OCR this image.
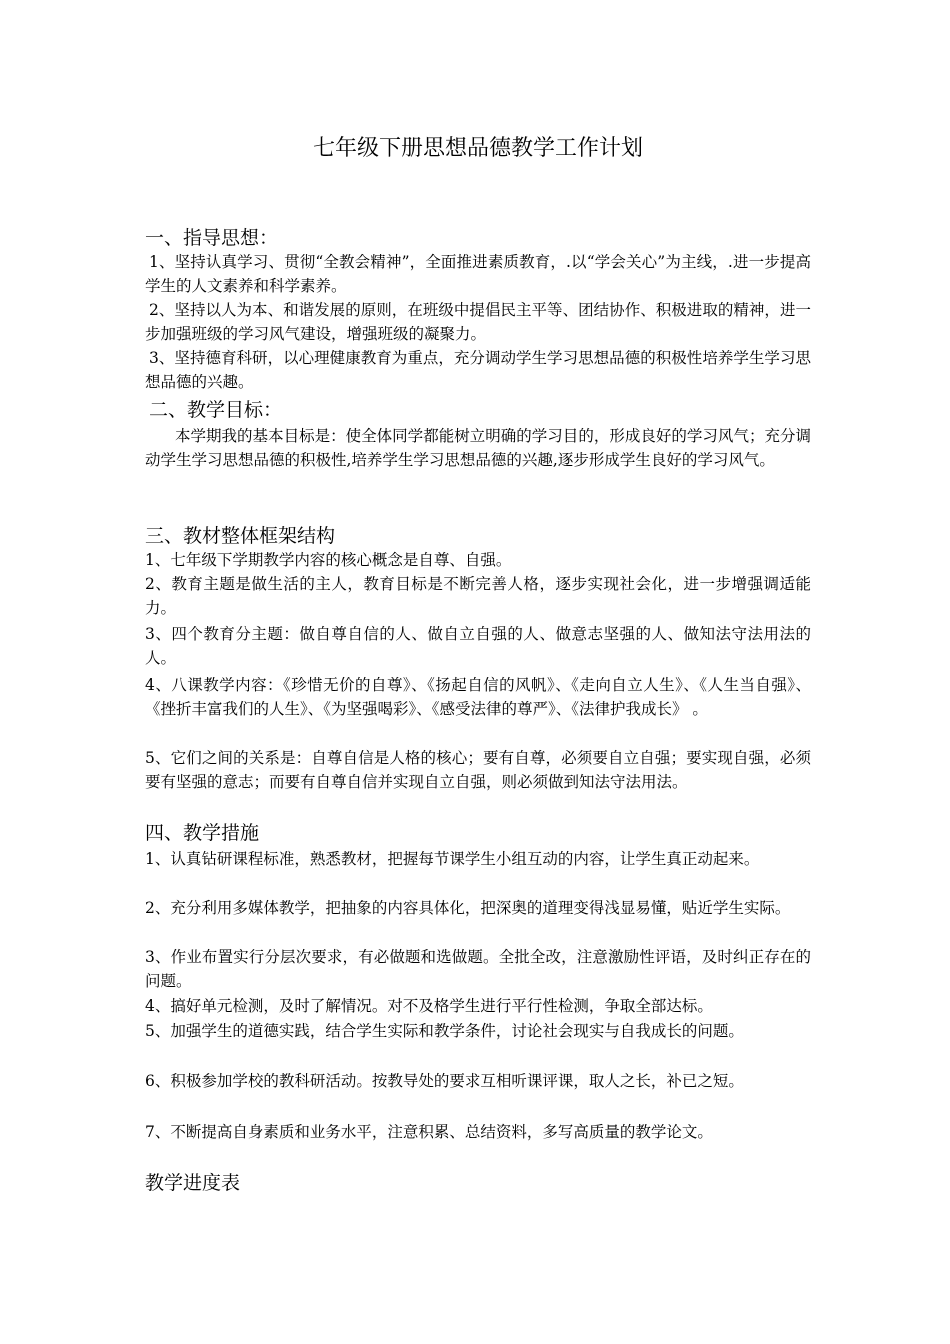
七年级下册思想品德教学工作计划
一、指导思想：
1、坚持认真学习、贯彻“全教会精神”，全面推进素质教育，.以“学会关心”为主线，.进一步提高学生的人文素养和科学素养。
2、坚持以人为本、和谐发展的原则，在班级中提倡民主平等、团结协作、积极进取的精神，进一步加强班级的学习风气建设，增强班级的凝聚力。
3、坚持德育科研，以心理健康教育为重点，充分调动学生学习思想品德的积极性培养学生学习思想品德的兴趣。
二、教学目标：
本学期我的基本目标是：使全体同学都能树立明确的学习目的，形成良好的学习风气；充分调动学生学习思想品德的积极性,培养学生学习思想品德的兴趣,逐步形成学生良好的学习风气。
三、教材整体框架结构
1、七年级下学期教学内容的核心概念是自尊、自强。
2、教育主题是做生活的主人，教育目标是不断完善人格，逐步实现社会化，进一步增强调适能力。
3、四个教育分主题：做自尊自信的人、做自立自强的人、做意志坚强的人、做知法守法用法的人。
4、八课教学内容：《珍惜无价的自尊》、《扬起自信的风帆》、《走向自立人生》、《人生当自强》、《挫折丰富我们的人生》、《为坚强喝彩》、《感受法律的尊严》、《法律护我成长》 。
5、它们之间的关系是：自尊自信是人格的核心；要有自尊，必须要自立自强；要实现自强，必须要有坚强的意志；而要有自尊自信并实现自立自强，则必须做到知法守法用法。
四、教学措施
1、认真钻研课程标准，熟悉教材，把握每节课学生小组互动的内容，让学生真正动起来。
2、充分利用多媒体教学，把抽象的内容具体化，把深奥的道理变得浅显易懂，贴近学生实际。
3、作业布置实行分层次要求，有必做题和选做题。全批全改，注意激励性评语，及时纠正存在的问题。
4、搞好单元检测，及时了解情况。对不及格学生进行平行性检测，争取全部达标。
5、加强学生的道德实践，结合学生实际和教学条件，讨论社会现实与自我成长的问题。
6、积极参加学校的教科研活动。按教导处的要求互相听课评课，取人之长，补已之短。
7、不断提高自身素质和业务水平，注意积累、总结资料，多写高质量的教学论文。
教学进度表
